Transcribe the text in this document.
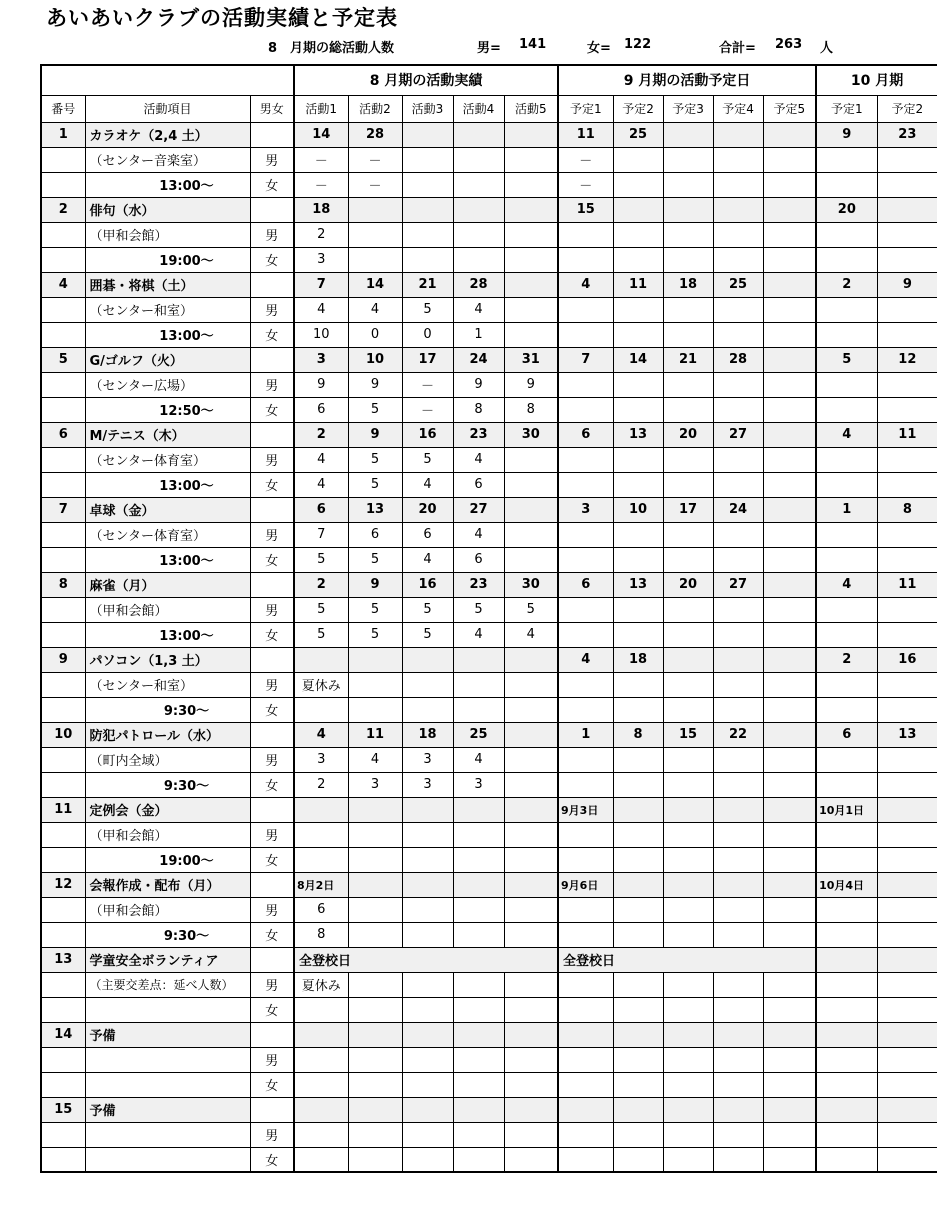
あいあいクラブの活動実績と予定表
8　月期の総活動人数	男= 141	女= 122	合計= 263 人
			8 月期の活動実績					9 月期の活動予定日					10 月期	
番号	活動項目	男女	活動1	活動2	活動3	活動4	活動5	予定1	予定2	予定3	予定4	予定5	予定1	予定2
1	カラオケ（2,4 土）		14	28				11	25				9	23
	（センター音楽室）	男	－	－				－						
	13:00～	女	－	－				－						
2	俳句（水）		18					15					20	
	（甲和会館）	男	2											
	19:00～	女	3											
4	囲碁・将棋（土）		7	14	21	28		4	11	18	25		2	9
	（センター和室）	男	4	4	5	4								
	13:00～	女	10	0	0	1								
5	G/ゴルフ（火）		3	10	17	24	31	7	14	21	28		5	12
	（センター広場）	男	9	9	－	9	9							
	12:50～	女	6	5	－	8	8							
6	M/テニス（木）		2	9	16	23	30	6	13	20	27		4	11
	（センター体育室）	男	4	5	5	4								
	13:00～	女	4	5	4	6								
7	卓球（金）		6	13	20	27		3	10	17	24		1	8
	（センター体育室）	男	7	6	6	4								
	13:00～	女	5	5	4	6								
8	麻雀（月）		2	9	16	23	30	6	13	20	27		4	11
	（甲和会館）	男	5	5	5	5	5							
	13:00～	女	5	5	5	4	4							
9	パソコン（1,3 土）							4	18				2	16
	（センター和室）	男	夏休み											
	9:30～	女												
10	防犯パトロール（水）		4	11	18	25		1	8	15	22		6	13
	（町内全域）	男	3	4	3	4								
	9:30～	女	2	3	3	3								
11	定例会（金）							9月3日					10月1日	
	（甲和会館）	男												
	19:00～	女												
12	会報作成・配布（月）		8月2日					9月6日					10月4日	
	（甲和会館）	男	6											
	9:30～	女	8											
13	学童安全ボランティア		全登校日					全登校日						
	（主要交差点：延べ人数）	男	夏休み											
		女												
14	予備													
		男												
		女												
15	予備													
		男												
		女												
